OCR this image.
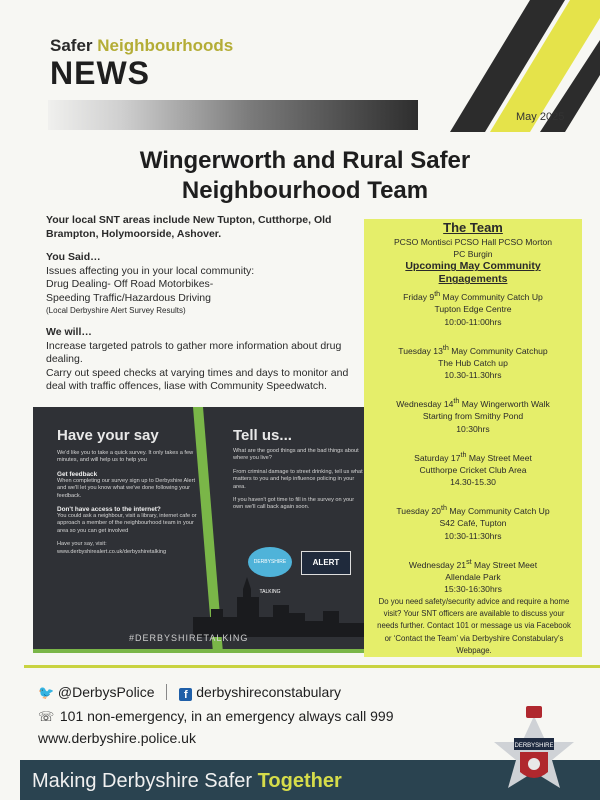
Safer Neighbourhoods
NEWS
May 2025
Wingerworth and Rural Safer
Neighbourhood Team

Your local SNT areas include New Tupton, Cutthorpe, Old Brampton, Holymoorside, Ashover.

You Said…

Issues affecting you in your local community:

Drug Dealing- Off Road Motorbikes-

Speeding Traffic/Hazardous Driving

(Local Derbyshire Alert Survey Results)

We will…

Increase targeted patrols to gather more information about drug dealing.

Carry out speed checks at varying times and days to monitor and deal with traffic offences, liase with Community Speedwatch.

Have your say
We'd like you to take a quick survey. It only takes a few minutes, and will help us to help you
Get feedback
When completing our survey sign up to Derbyshire Alert and we'll let you know what we've done following your feedback.
Don't have access to the internet?
You could ask a neighbour, visit a library, internet cafe or approach a member of the neighbourhood team in your area so you can get involved
Have your say, visit:
www.derbyshirealert.co.uk/derbyshiretalking
Tell us...
What are the good things and the bad things about where you live?
From criminal damage to street drinking, tell us what matters to you and help influence policing in your area.
If you haven't got time to fill in the survey on your own we'll call back again soon.
DERBYSHIRE TALKING
ALERT
#DERBYSHIRETALKING
The Team
PCSO Montisci PCSO Hall PCSO Morton
PC Burgin
Upcoming May Community
Engagements
Friday 9th May Community Catch Up
Tupton Edge Centre
10:00-11:00hrs
Tuesday 13th May Community Catchup
The Hub Catch up
10.30-11.30hrs
Wednesday 14th May Wingerworth Walk
Starting from Smithy Pond
10:30hrs
Saturday 17th May Street Meet
Cutthorpe Cricket Club Area
14.30-15.30
Tuesday 20th May Community Catch Up
S42 Café, Tupton
10:30-11:30hrs
Wednesday 21st May Street Meet
Allendale Park
15:30-16:30hrs
Do you need safety/security advice and require a home visit? Your SNT officers are available to discuss your needs further. Contact 101 or message us via Facebook or ‘Contact the Team’ via Derbyshire Constabulary’s Webpage.
🐦 @DerbysPolice	f derbyshireconstabulary
☏ 101 non-emergency, in an emergency always call 999
www.derbyshire.police.uk
Making Derbyshire Safer Together
DERBYSHIRE
